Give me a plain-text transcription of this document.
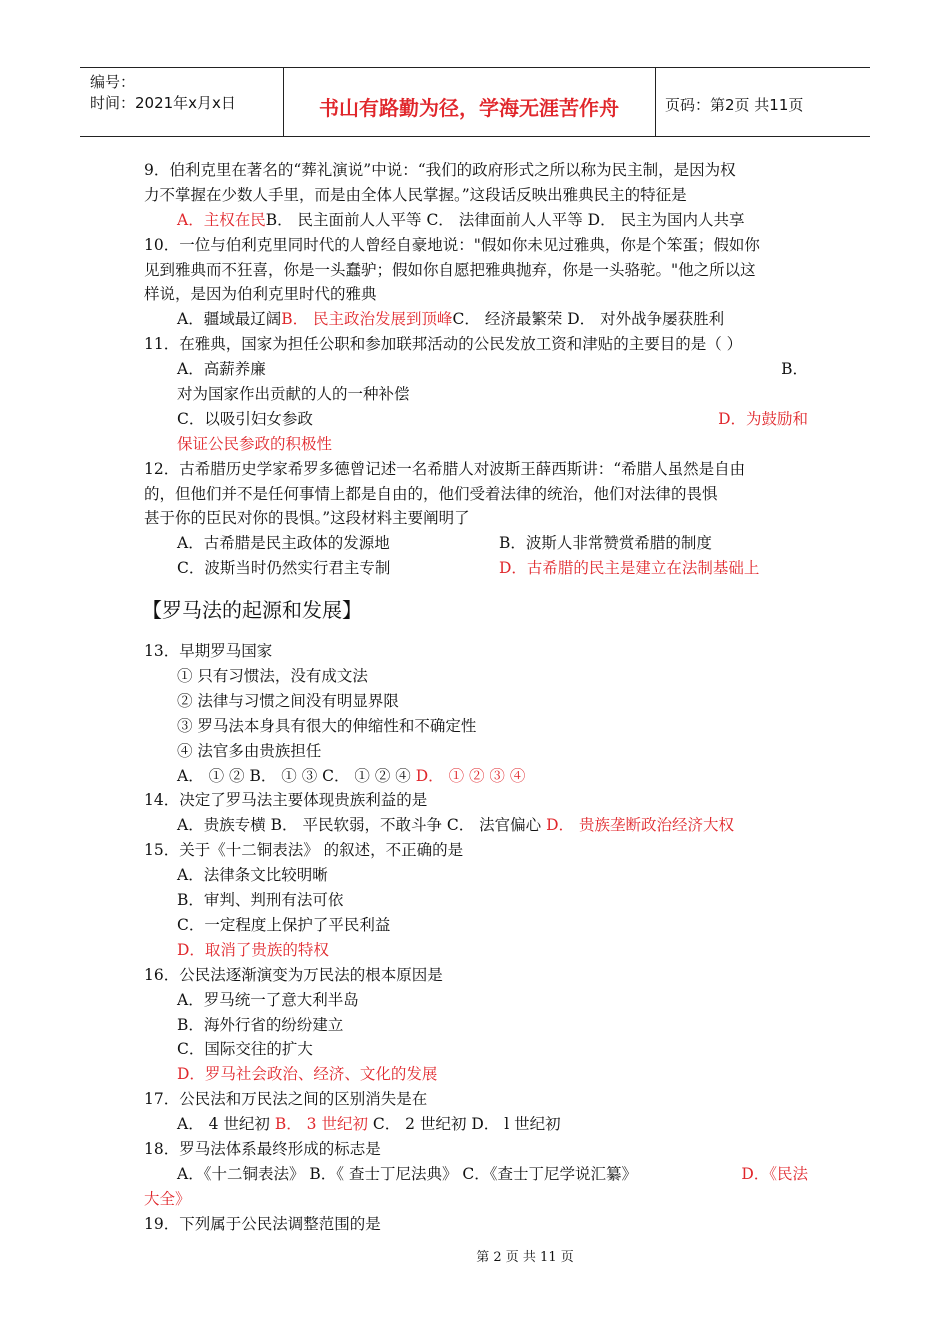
编号：
时间：2021年x月x日	书山有路勤为径，学海无涯苦作舟	页码：第2页 共11页
9．伯利克里在著名的“葬礼演说”中说：“我们的政府形式之所以称为民主制，是因为权
力不掌握在少数人手里，而是由全体人民掌握。”这段话反映出雅典民主的特征是
A．主权在民B． 民主面前人人平等 C． 法律面前人人平等 D． 民主为国内人共享
10．一位与伯利克里同时代的人曾经自豪地说："假如你未见过雅典，你是个笨蛋；假如你
见到雅典而不狂喜，你是一头蠢驴；假如你自愿把雅典抛弃，你是一头骆驼。"他之所以这
样说，是因为伯利克里时代的雅典
A．疆域最辽阔B． 民主政治发展到顶峰C． 经济最繁荣 D． 对外战争屡获胜利
11．在雅典，国家为担任公职和参加联邦活动的公民发放工资和津贴的主要目的是（ ）
A．高薪养廉	B．
对为国家作出贡献的人的一种补偿
C．以吸引妇女参政	D．为鼓励和
保证公民参政的积极性
12．古希腊历史学家希罗多德曾记述一名希腊人对波斯王薛西斯讲：“希腊人虽然是自由
的，但他们并不是任何事情上都是自由的，他们受着法律的统治，他们对法律的畏惧
甚于你的臣民对你的畏惧。”这段材料主要阐明了
A．古希腊是民主政体的发源地	B．波斯人非常赞赏希腊的制度
C．波斯当时仍然实行君主专制	D．古希腊的民主是建立在法制基础上
【罗马法的起源和发展】
13．早期罗马国家
① 只有习惯法，没有成文法
② 法律与习惯之间没有明显界限
③ 罗马法本身具有很大的伸缩性和不确定性
④ 法官多由贵族担任
A． ① ② B． ① ③ C． ① ② ④ D． ① ② ③ ④
14．决定了罗马法主要体现贵族利益的是
A．贵族专横 B． 平民软弱，不敢斗争 C． 法官偏心 D． 贵族垄断政治经济大权
15．关于《十二铜表法》 的叙述，不正确的是
A．法律条文比较明晰
B．审判、判刑有法可依
C．一定程度上保护了平民利益
D．取消了贵族的特权
16．公民法逐渐演变为万民法的根本原因是
A．罗马统一了意大利半岛
B．海外行省的纷纷建立
C．国际交往的扩大
D．罗马社会政治、经济、文化的发展
17．公民法和万民法之间的区别消失是在
A． 4 世纪初 B． 3 世纪初 C． 2 世纪初 D． l 世纪初
18．罗马法体系最终形成的标志是
A．《十二铜表法》 B．《 查士丁尼法典》 C．《查士丁尼学说汇纂》	D．《民法
大全》
19．下列属于公民法调整范围的是
第 2 页 共 11 页
